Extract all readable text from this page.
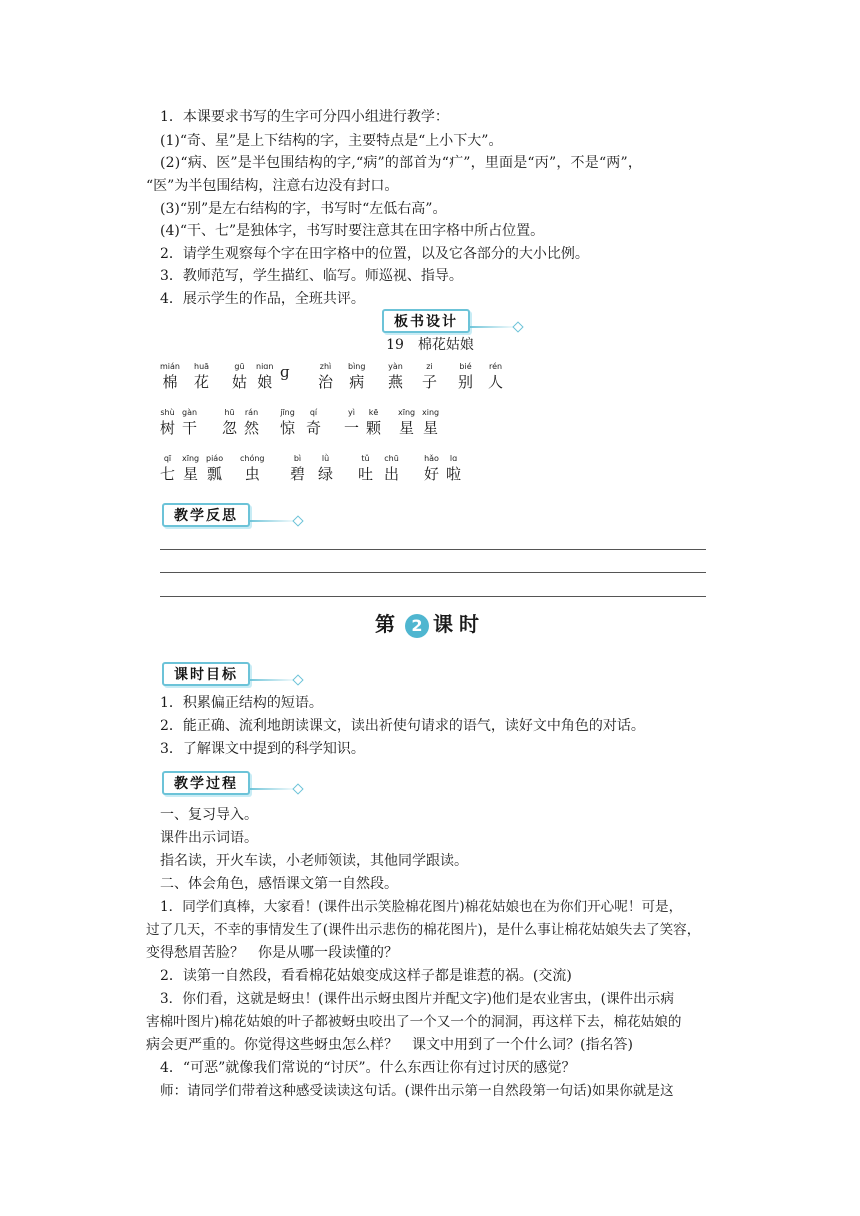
1．本课要求书写的生字可分四小组进行教学：
(1)“奇、星”是上下结构的字，主要特点是“上小下大”。
(2)“病、医”是半包围结构的字,“病”的部首为“疒”，里面是“丙”，不是“两”，
“医”为半包围结构，注意右边没有封口。
(3)“别”是左右结构的字，书写时“左低右高”。
(4)“干、七”是独体字，书写时要注意其在田字格中所占位置。
2．请学生观察每个字在田字格中的位置，以及它各部分的大小比例。
3．教师范写，学生描红、临写。师巡视、指导。
4．展示学生的作品，全班共评。
板书设计
19　棉花姑娘
mián
棉
huā
花
gū
姑
niɑn
娘
ɡ	zhì
治
bìng
病
yàn
燕
zi
子
bié
别
rén
人
shù
树
gàn
干
hū
忽
rán
然
jīng
惊
qí
奇
yì
一
kē
颗
xīng
星
xing
星
qī
七
xīng
星
piáo
瓢
chóng
虫
bì
碧
lǜ
绿
tǔ
吐
chū
出
hǎo
好
lɑ
啦
教学反思
第 2 课时
课时目标
1．积累偏正结构的短语。
2．能正确、流利地朗读课文，读出祈使句请求的语气，读好文中角色的对话。
3．了解课文中提到的科学知识。
教学过程
一、复习导入。
课件出示词语。
指名读，开火车读，小老师领读，其他同学跟读。
二、体会角色，感悟课文第一自然段。
1．同学们真棒，大家看！(课件出示笑脸棉花图片)棉花姑娘也在为你们开心呢！可是，
过了几天，不幸的事情发生了(课件出示悲伤的棉花图片)，是什么事让棉花姑娘失去了笑容，
变得愁眉苦脸？　你是从哪一段读懂的？
2．读第一自然段，看看棉花姑娘变成这样子都是谁惹的祸。(交流)
3．你们看，这就是蚜虫！(课件出示蚜虫图片并配文字)他们是农业害虫，(课件出示病
害棉叶图片)棉花姑娘的叶子都被蚜虫咬出了一个又一个的洞洞，再这样下去，棉花姑娘的
病会更严重的。你觉得这些蚜虫怎么样？　课文中用到了一个什么词？(指名答)
4．“可恶”就像我们常说的“讨厌”。什么东西让你有过讨厌的感觉？
师：请同学们带着这种感受读读这句话。(课件出示第一自然段第一句话)如果你就是这
